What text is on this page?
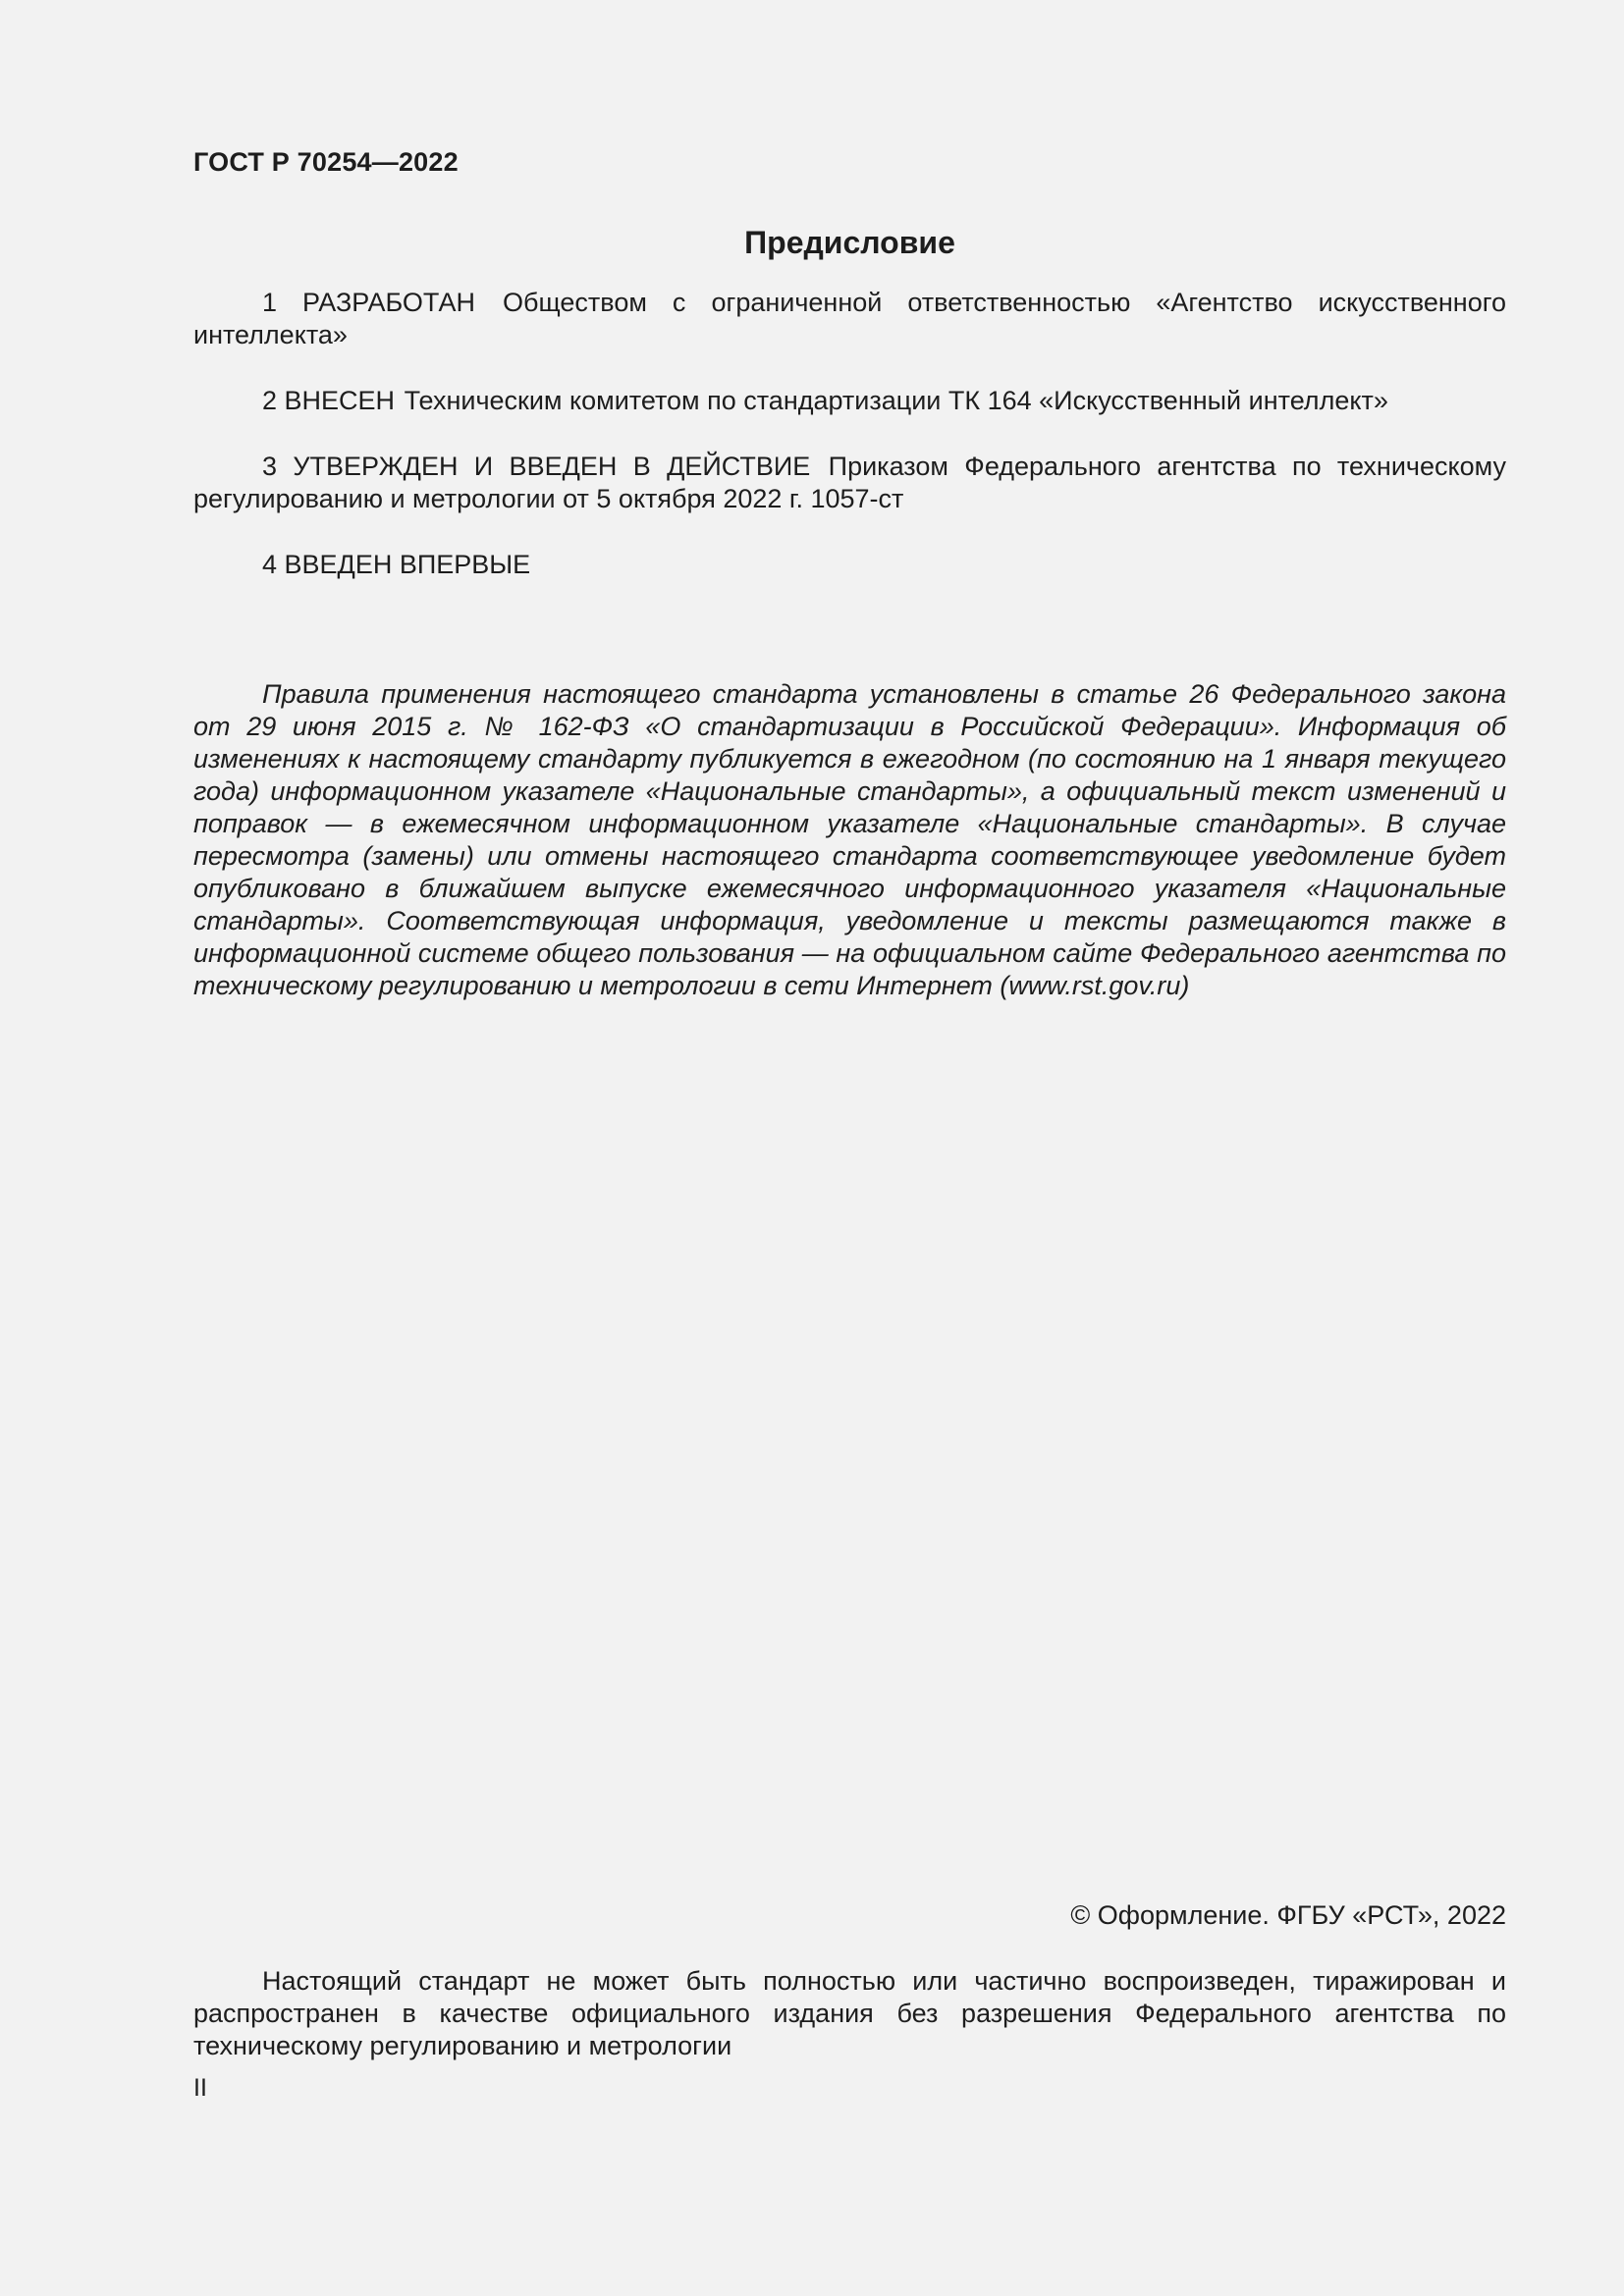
ГОСТ Р 70254—2022
Предисловие
1 РАЗРАБОТАН Обществом с ограниченной ответственностью «Агентство искусственного интеллекта»
2 ВНЕСЕН Техническим комитетом по стандартизации ТК 164 «Искусственный интеллект»
3 УТВЕРЖДЕН И ВВЕДЕН В ДЕЙСТВИЕ Приказом Федерального агентства по техническому регулированию и метрологии от 5 октября 2022 г. 1057-ст
4 ВВЕДЕН ВПЕРВЫЕ
Правила применения настоящего стандарта установлены в статье 26 Федерального закона от 29 июня 2015 г. № 162-ФЗ «О стандартизации в Российской Федерации». Информация об изменениях к настоящему стандарту публикуется в ежегодном (по состоянию на 1 января текущего года) информационном указателе «Национальные стандарты», а официальный текст изменений и поправок — в ежемесячном информационном указателе «Национальные стандарты». В случае пересмотра (замены) или отмены настоящего стандарта соответствующее уведомление будет опубликовано в ближайшем выпуске ежемесячного информационного указателя «Национальные стандарты». Соответствующая информация, уведомление и тексты размещаются также в информационной системе общего пользования — на официальном сайте Федерального агентства по техническому регулированию и метрологии в сети Интернет (www.rst.gov.ru)
© Оформление. ФГБУ «РСТ», 2022
Настоящий стандарт не может быть полностью или частично воспроизведен, тиражирован и распространен в качестве официального издания без разрешения Федерального агентства по техническому регулированию и метрологии
II
